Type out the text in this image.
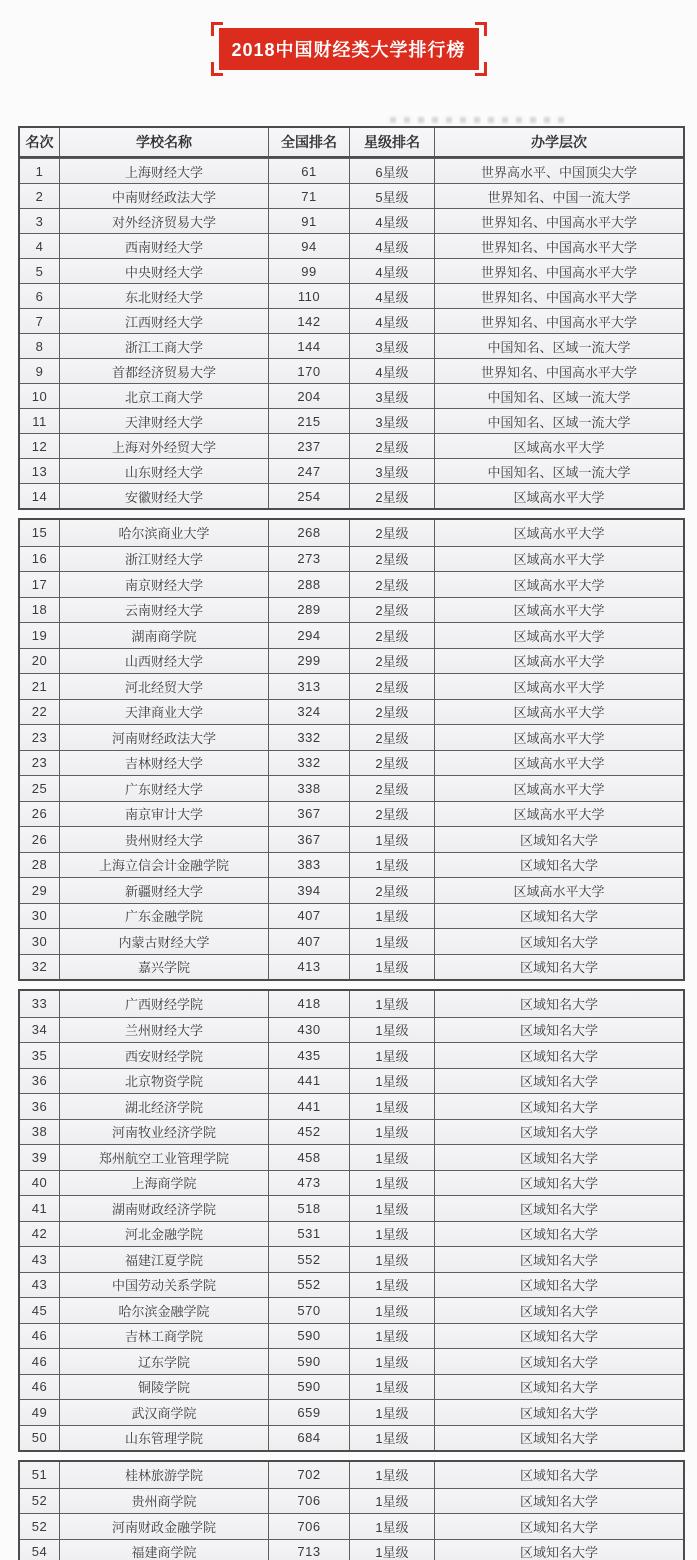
2018中国财经类大学排行榜
名次	学校名称	全国排名	星级排名	办学层次
1	上海财经大学	61	6星级	世界高水平、中国顶尖大学
2	中南财经政法大学	71	5星级	世界知名、中国一流大学
3	对外经济贸易大学	91	4星级	世界知名、中国高水平大学
4	西南财经大学	94	4星级	世界知名、中国高水平大学
5	中央财经大学	99	4星级	世界知名、中国高水平大学
6	东北财经大学	110	4星级	世界知名、中国高水平大学
7	江西财经大学	142	4星级	世界知名、中国高水平大学
8	浙江工商大学	144	3星级	中国知名、区域一流大学
9	首都经济贸易大学	170	4星级	世界知名、中国高水平大学
10	北京工商大学	204	3星级	中国知名、区域一流大学
11	天津财经大学	215	3星级	中国知名、区域一流大学
12	上海对外经贸大学	237	2星级	区域高水平大学
13	山东财经大学	247	3星级	中国知名、区域一流大学
14	安徽财经大学	254	2星级	区域高水平大学
15	哈尔滨商业大学	268	2星级	区域高水平大学
16	浙江财经大学	273	2星级	区域高水平大学
17	南京财经大学	288	2星级	区域高水平大学
18	云南财经大学	289	2星级	区域高水平大学
19	湖南商学院	294	2星级	区域高水平大学
20	山西财经大学	299	2星级	区域高水平大学
21	河北经贸大学	313	2星级	区域高水平大学
22	天津商业大学	324	2星级	区域高水平大学
23	河南财经政法大学	332	2星级	区域高水平大学
23	吉林财经大学	332	2星级	区域高水平大学
25	广东财经大学	338	2星级	区域高水平大学
26	南京审计大学	367	2星级	区域高水平大学
26	贵州财经大学	367	1星级	区域知名大学
28	上海立信会计金融学院	383	1星级	区域知名大学
29	新疆财经大学	394	2星级	区域高水平大学
30	广东金融学院	407	1星级	区域知名大学
30	内蒙古财经大学	407	1星级	区域知名大学
32	嘉兴学院	413	1星级	区域知名大学
33	广西财经学院	418	1星级	区域知名大学
34	兰州财经大学	430	1星级	区域知名大学
35	西安财经学院	435	1星级	区域知名大学
36	北京物资学院	441	1星级	区域知名大学
36	湖北经济学院	441	1星级	区域知名大学
38	河南牧业经济学院	452	1星级	区域知名大学
39	郑州航空工业管理学院	458	1星级	区域知名大学
40	上海商学院	473	1星级	区域知名大学
41	湖南财政经济学院	518	1星级	区域知名大学
42	河北金融学院	531	1星级	区域知名大学
43	福建江夏学院	552	1星级	区域知名大学
43	中国劳动关系学院	552	1星级	区域知名大学
45	哈尔滨金融学院	570	1星级	区域知名大学
46	吉林工商学院	590	1星级	区域知名大学
46	辽东学院	590	1星级	区域知名大学
46	铜陵学院	590	1星级	区域知名大学
49	武汉商学院	659	1星级	区域知名大学
50	山东管理学院	684	1星级	区域知名大学
51	桂林旅游学院	702	1星级	区域知名大学
52	贵州商学院	706	1星级	区域知名大学
52	河南财政金融学院	706	1星级	区域知名大学
54	福建商学院	713	1星级	区域知名大学
